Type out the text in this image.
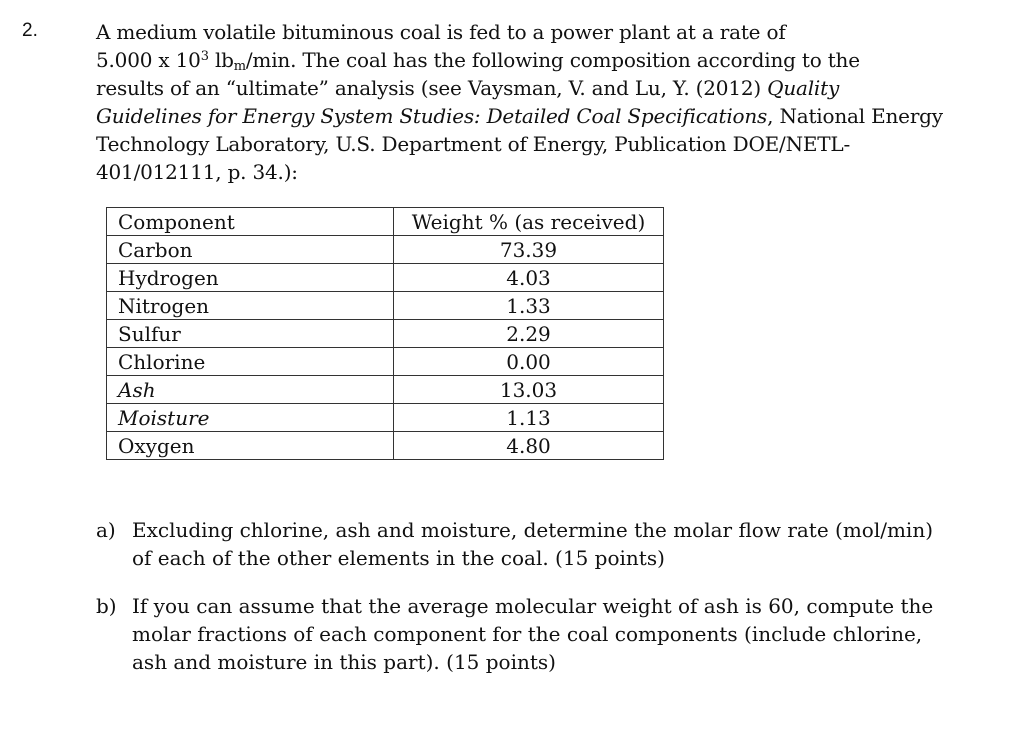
2.	A medium volatile bituminous coal is fed to a power plant at a rate of
5.000 x $10^3$ $lb_m/\min$. The coal has the following composition according to the
results of an “ultimate” analysis (see Vaysman, V. and Lu, Y. (2012) Quality
Guidelines for Energy System Studies: Detailed Coal Specifications, National Energy
Technology Laboratory, U.S. Department of Energy, Publication DOE/NETL-
401/012111, p. 34.):
Component	Weight % (as received)
Carbon	73.39
Hydrogen	4.03
Nitrogen	1.33
Sulfur	2.29
Chlorine	0.00
Ash	13.03
Moisture	1.13
Oxygen	4.80
a) Excluding chlorine, ash and moisture, determine the molar flow rate (mol/min)
of each of the other elements in the coal. (15 points)
b) If you can assume that the average molecular weight of ash is 60, compute the
molar fractions of each component for the coal components (include chlorine,
ash and moisture in this part). (15 points)
